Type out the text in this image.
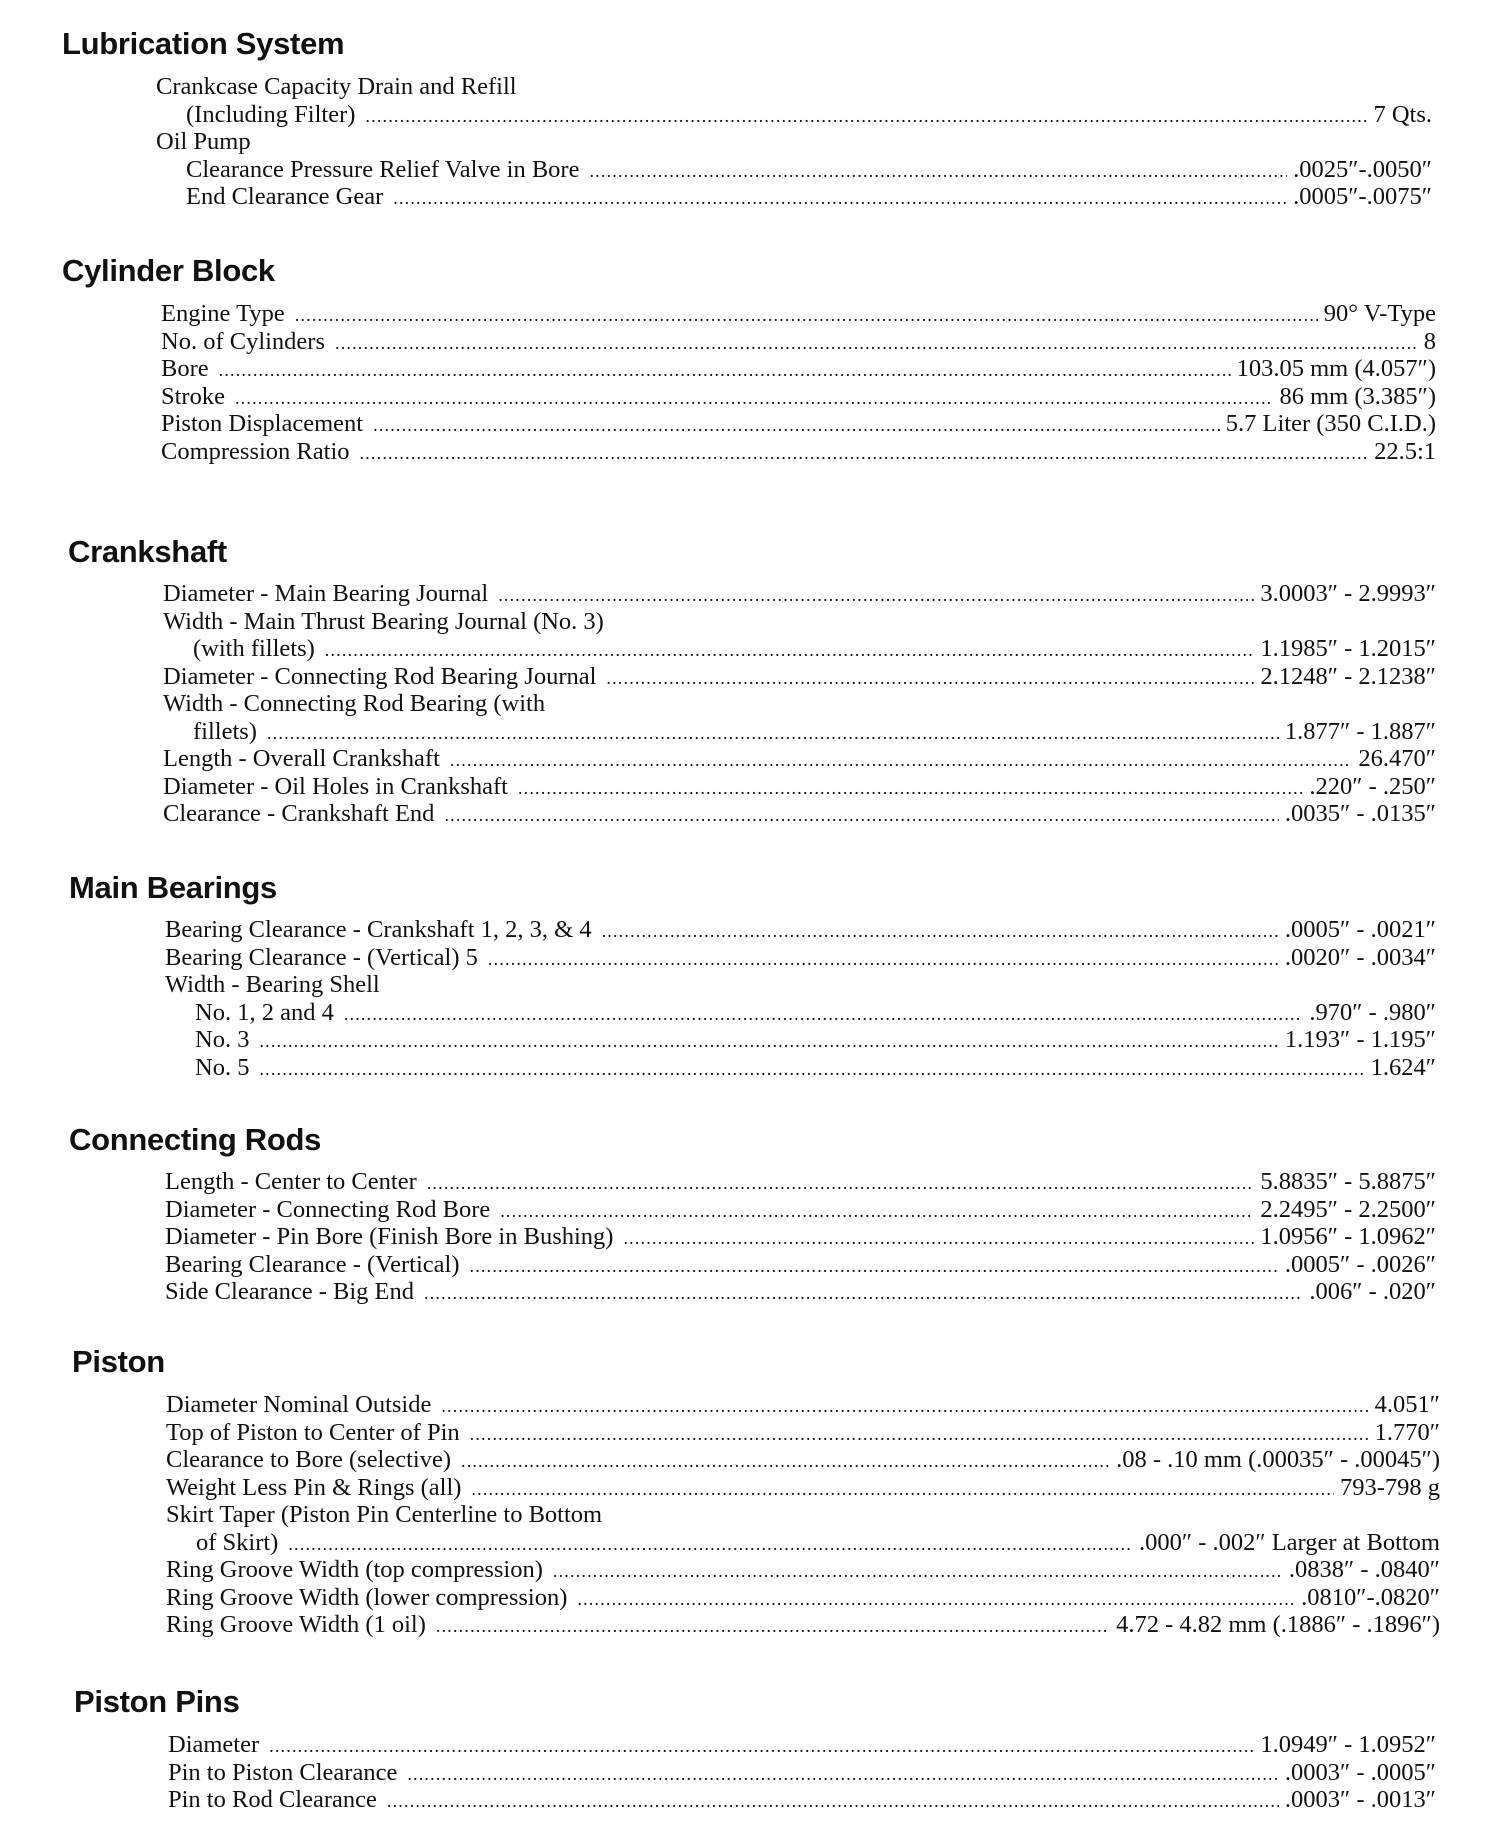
Lubrication System
Crankcase Capacity Drain and Refill
(Including Filter) .....	7 Qts.
Oil Pump
Clearance Pressure Relief Valve in Bore .....	.0025″-.0050″
End Clearance Gear .....	.0005″-.0075″
Cylinder Block
Engine Type .....	90° V-Type
No. of Cylinders .....	8
Bore .....	103.05 mm (4.057″)
Stroke .....	86 mm (3.385″)
Piston Displacement .....	5.7 Liter (350 C.I.D.)
Compression Ratio .....	22.5:1
Crankshaft
Diameter - Main Bearing Journal .....	3.0003″ - 2.9993″
Width - Main Thrust Bearing Journal (No. 3)
(with fillets) .....	1.1985″ - 1.2015″
Diameter - Connecting Rod Bearing Journal .....	2.1248″ - 2.1238″
Width - Connecting Rod Bearing (with
fillets) .....	1.877″ - 1.887″
Length - Overall Crankshaft .....	26.470″
Diameter - Oil Holes in Crankshaft .....	.220″ - .250″
Clearance - Crankshaft End .....	.0035″ - .0135″
Main Bearings
Bearing Clearance - Crankshaft 1, 2, 3, & 4 .....	.0005″ - .0021″
Bearing Clearance - (Vertical) 5 .....	.0020″ - .0034″
Width - Bearing Shell
No. 1, 2 and 4 .....	.970″ - .980″
No. 3 .....	1.193″ - 1.195″
No. 5 .....	1.624″
Connecting Rods
Length - Center to Center .....	5.8835″ - 5.8875″
Diameter - Connecting Rod Bore .....	2.2495″ - 2.2500″
Diameter - Pin Bore (Finish Bore in Bushing) .....	1.0956″ - 1.0962″
Bearing Clearance - (Vertical) .....	.0005″ - .0026″
Side Clearance - Big End .....	.006″ - .020″
Piston
Diameter Nominal Outside .....	4.051″
Top of Piston to Center of Pin .....	1.770″
Clearance to Bore (selective) .....	.08 - .10 mm (.00035″ - .00045″)
Weight Less Pin & Rings (all) .....	793-798 g
Skirt Taper (Piston Pin Centerline to Bottom
of Skirt) .....	.000″ - .002″ Larger at Bottom
Ring Groove Width (top compression) .....	.0838″ - .0840″
Ring Groove Width (lower compression) .....	.0810″-.0820″
Ring Groove Width (1 oil) .....	4.72 - 4.82 mm (.1886″ - .1896″)
Piston Pins
Diameter .....	1.0949″ - 1.0952″
Pin to Piston Clearance .....	.0003″ - .0005″
Pin to Rod Clearance .....	.0003″ - .0013″
